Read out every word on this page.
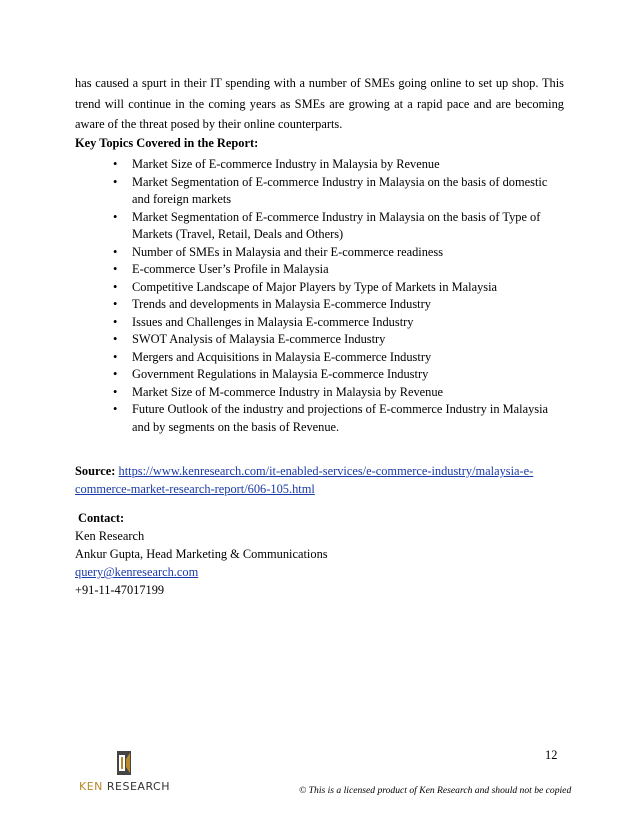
has caused a spurt in their IT spending with a number of SMEs going online to set up shop. This trend will continue in the coming years as SMEs are growing at a rapid pace and are becoming aware of the threat posed by their online counterparts.

Key Topics Covered in the Report:

• Market Size of E-commerce Industry in Malaysia by Revenue
• Market Segmentation of E-commerce Industry in Malaysia on the basis of domestic and foreign markets
• Market Segmentation of E-commerce Industry in Malaysia on the basis of Type of Markets (Travel, Retail, Deals and Others)
• Number of SMEs in Malaysia and their E-commerce readiness
• E-commerce User’s Profile in Malaysia
• Competitive Landscape of Major Players by Type of Markets in Malaysia
• Trends and developments in Malaysia E-commerce Industry
• Issues and Challenges in Malaysia E-commerce Industry
• SWOT Analysis of Malaysia E-commerce Industry
• Mergers and Acquisitions in Malaysia E-commerce Industry
• Government Regulations in Malaysia E-commerce Industry
• Market Size of M-commerce Industry in Malaysia by Revenue
• Future Outlook of the industry and projections of E-commerce Industry in Malaysia and by segments on the basis of Revenue.

Source: https://www.kenresearch.com/it-enabled-services/e-commerce-industry/malaysia-e-commerce-market-research-report/606-105.html

Contact:
Ken Research
Ankur Gupta, Head Marketing & Communications
query@kenresearch.com
+91-11-47017199
12
KEN RESEARCH	© This is a licensed product of Ken Research and should not be copied
